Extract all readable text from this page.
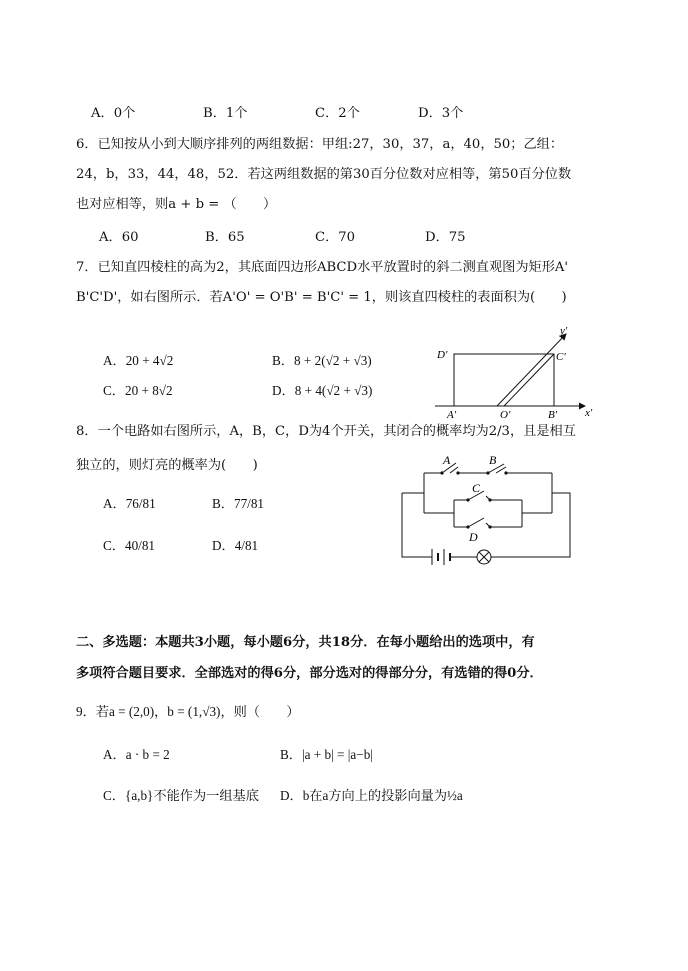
A．0个	B．1个	C．2个	D．3个
6．已知按从小到大顺序排列的两组数据：甲组:27，30，37，a，40，50；乙组：
24，b，33，44，48，52．若这两组数据的第30百分位数对应相等，第50百分位数
也对应相等，则a + b = （　　）
A．60	B．65	C．70	D．75
7．已知直四棱柱的高为2，其底面四边形ABCD水平放置时的斜二测直观图为矩形A'
B'C'D'，如右图所示．若A'O' = O'B' = B'C' = 1，则该直四棱柱的表面积为(　　)
A．20 + 4√2	B．8 + 2(√2 + √3)
C．20 + 8√2	D．8 + 4(√2 + √3)
y'
x'
D'	C'
A'	O'	B'
8．一个电路如右图所示，A，B，C，D为4个开关，其闭合的概率均为2/3，且是相互
独立的，则灯亮的概率为(　　)
A．76/81	B．77/81
C．40/81	D．4/81
A	B
C
D
二、多选题：本题共3小题，每小题6分，共18分．在每小题给出的选项中，有
多项符合题目要求．全部选对的得6分，部分选对的得部分分，有选错的得0分．
9．若a = (2,0)，b = (1,√3)，则（　　）
A．a · b = 2	B．|a + b| = |a−b|
C．{a,b}不能作为一组基底 D．b在a方向上的投影向量为½a
